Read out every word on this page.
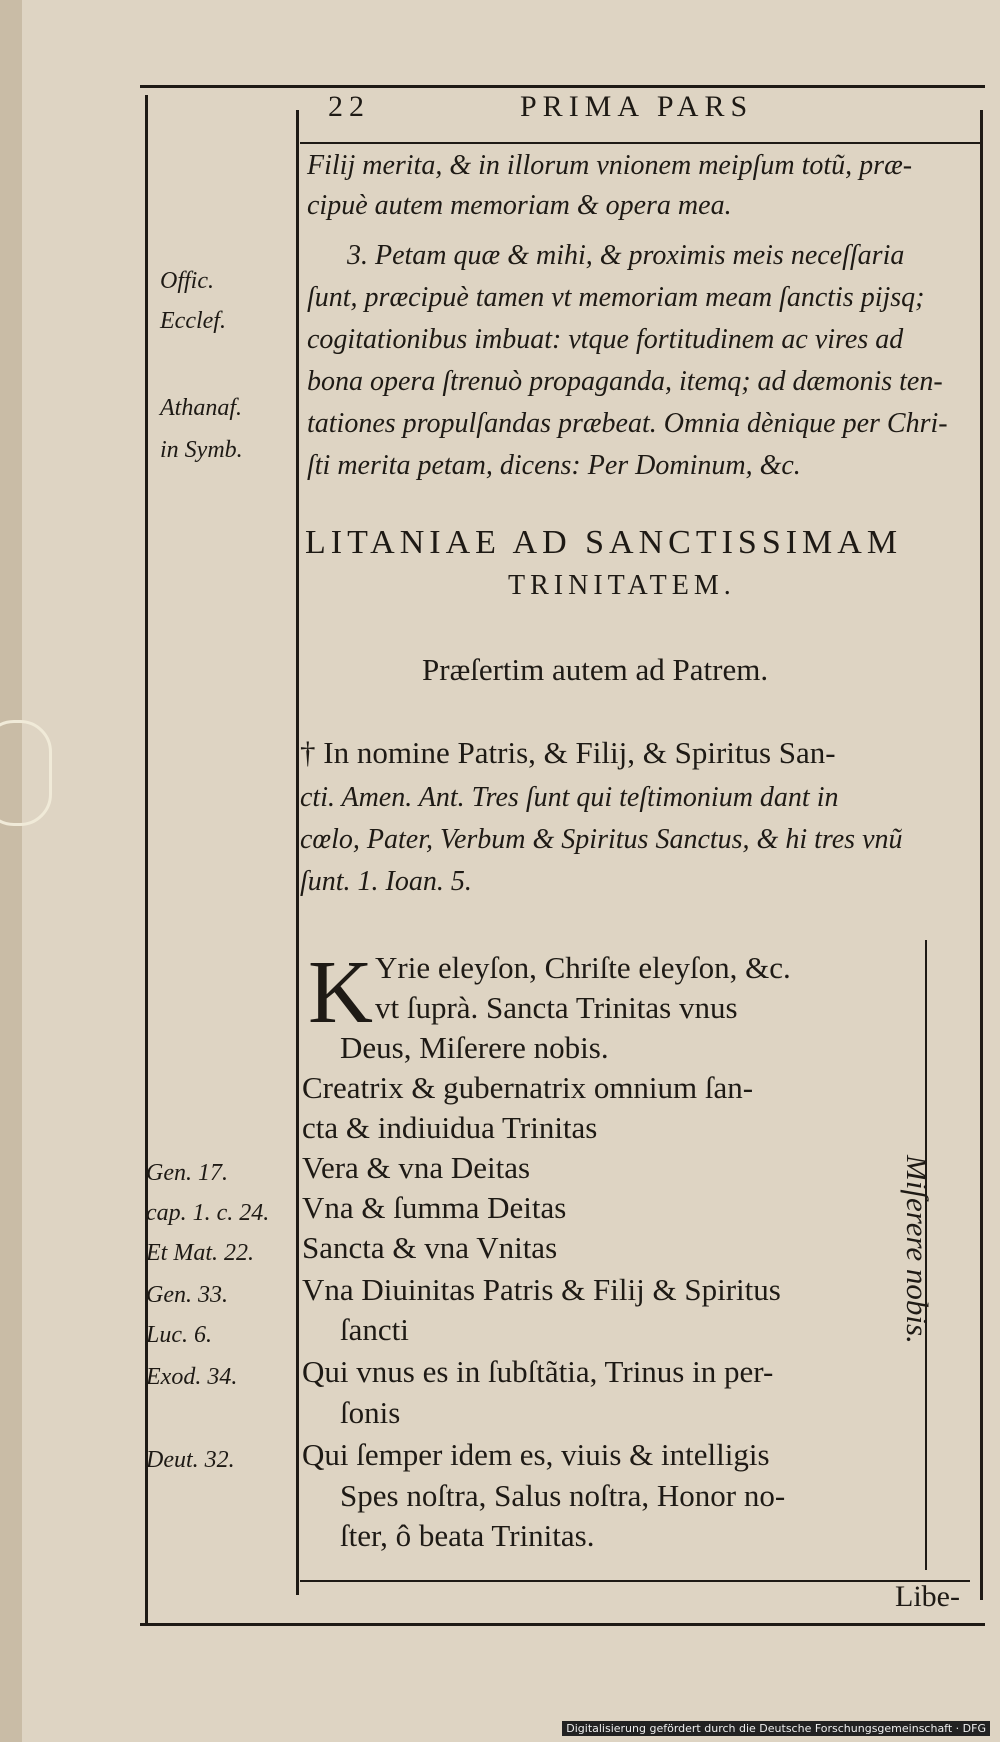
22	PRIMA PARS
Offic.
Ecclef.
Athanaf.
in Symb.
Filij merita, & in illorum vnionem meipſum totũ, præ-
cipuè autem memoriam & opera mea.
3. Petam quæ & mihi, & proximis meis neceſſaria
ſunt, præcipuè tamen vt memoriam meam ſanctis pijsq;
cogitationibus imbuat: vtque fortitudinem ac vires ad
bona opera ſtrenuò propaganda, itemq; ad dæmonis ten-
tationes propulſandas præbeat. Omnia dènique per Chri-
ſti merita petam, dicens: Per Dominum, &c.
LITANIAE AD SANCTISSIMAM
TRINITATEM.
Præſertim autem ad Patrem.
† In nomine Patris, & Filij, & Spiritus San-
cti. Amen. Ant. Tres ſunt qui teſtimonium dant in
cœlo, Pater, Verbum & Spiritus Sanctus, & hi tres vnũ
ſunt. 1. Ioan. 5.
K Yrie eleyſon, Chriſte eleyſon, &c.
vt ſuprà. Sancta Trinitas vnus
Deus, Miſerere nobis.
Creatrix & gubernatrix omnium ſan-
cta & indiuidua Trinitas
Vera & vna Deitas
Vna & ſumma Deitas
Sancta & vna Vnitas
Vna Diuinitas Patris & Filij & Spiritus
ſancti
Qui vnus es in ſubſtãtia, Trinus in per-
ſonis
Qui ſemper idem es, viuis & intelligis
Spes noſtra, Salus noſtra, Honor no-
ſter, ô beata Trinitas.
Gen. 17.
cap. 1. c. 24.
Et Mat. 22.
Gen. 33.
Luc. 6.
Exod. 34.
Deut. 32.
Miſerere nobis.
Libe-
Digitalisierung gefördert durch die Deutsche Forschungsgemeinschaft · DFG
